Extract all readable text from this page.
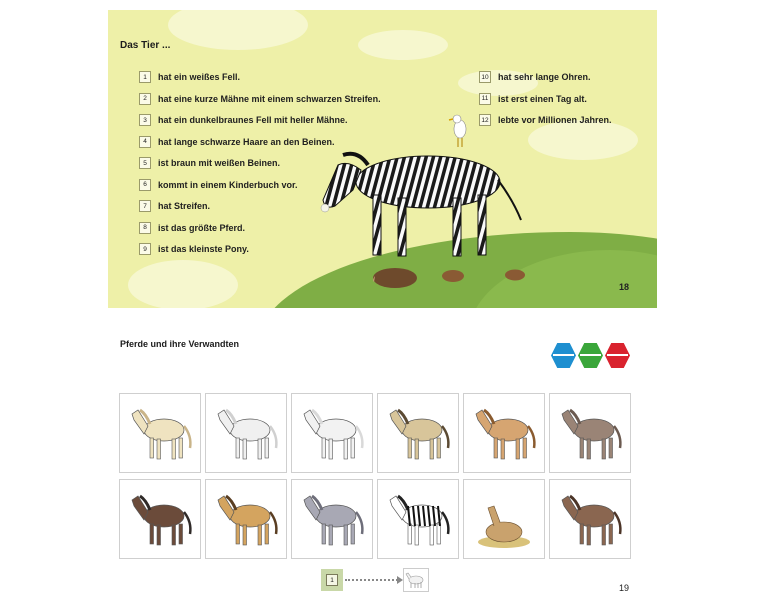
Das Tier ...
1	hat ein weißes Fell.
2	hat eine kurze Mähne mit einem schwarzen Streifen.
3	hat ein dunkelbraunes Fell mit heller Mähne.
4	hat lange schwarze Haare an den Beinen.
5	ist braun mit weißen Beinen.
6	kommt in einem Kinderbuch vor.
7	hat Streifen.
8	ist das größte Pferd.
9	ist das kleinste Pony.
10 hat sehr lange Ohren.
11 ist erst einen Tag alt.
12 lebte vor Millionen Jahren.
18
Pferde und ihre Verwandten
1
19
